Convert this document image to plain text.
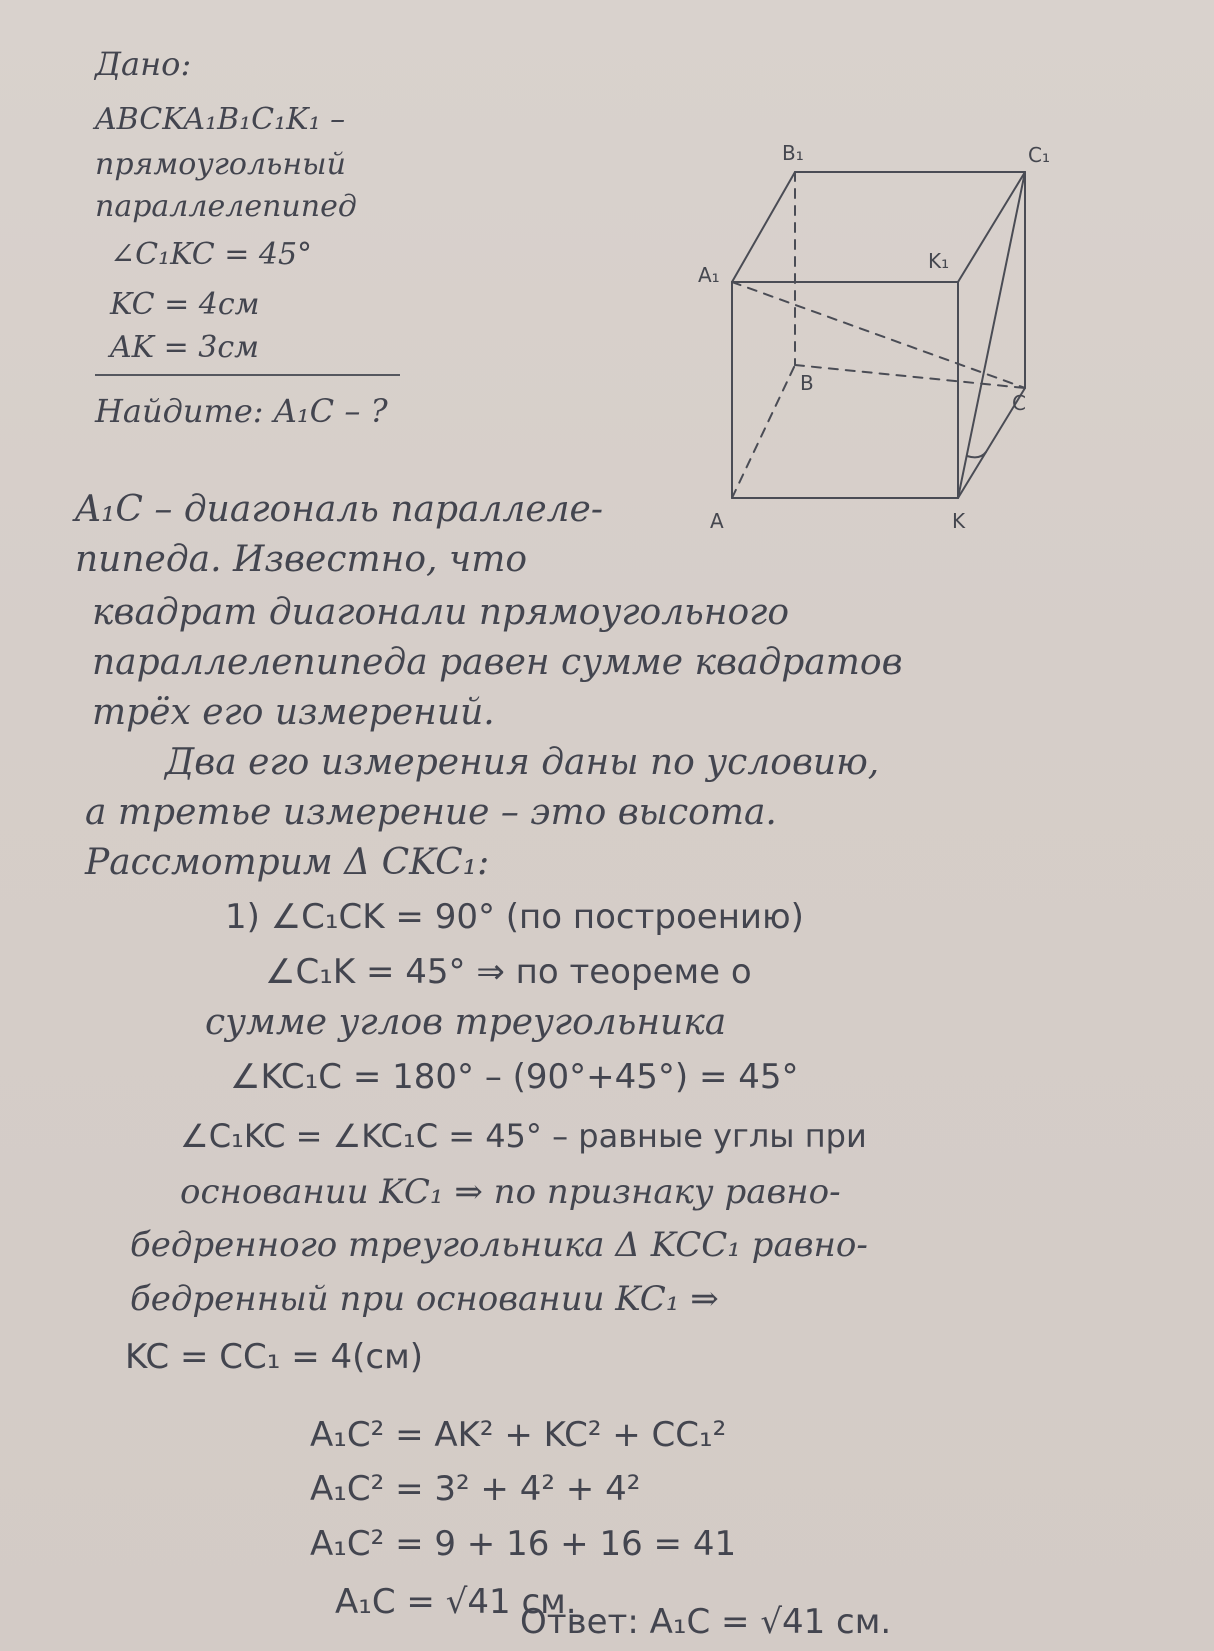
Дано:
ABCKA₁B₁C₁K₁ –
прямоугольный
параллелепипед
∠C₁KC = 45°
KC = 4см
AK = 3см
Найдите: A₁C – ?
B₁	C₁
A₁
K₁
B
C
A	K
A₁C – диагональ параллеле-
пипеда. Известно, что
квадрат диагонали прямоугольного
параллелепипеда равен сумме квадратов
трёх его измерений.
Два его измерения даны по условию,
а третье измерение – это высота.
Рассмотрим Δ CKC₁:
1) ∠C₁CK = 90° (по построению)
∠C₁K = 45° ⇒ по теореме о
сумме углов треугольника
∠KC₁C = 180° – (90°+45°) = 45°
∠C₁KC = ∠KC₁C = 45° – равные углы при
основании KC₁ ⇒ по признаку равно-
бедренного треугольника Δ KCC₁ равно-
бедренный при основании KC₁ ⇒
KC = CC₁ = 4(см)
A₁C² = AK² + KC² + CC₁²
A₁C² = 3² + 4² + 4²
A₁C² = 9 + 16 + 16 = 41
A₁C = √41 см.
Ответ: A₁C = √41 см.
